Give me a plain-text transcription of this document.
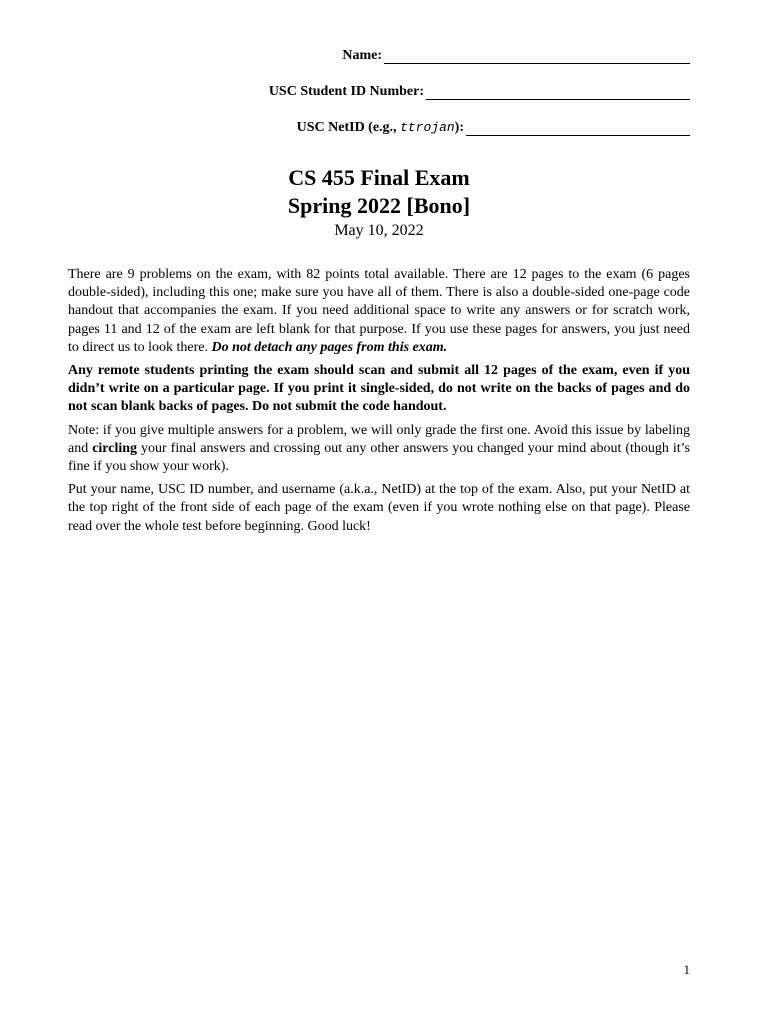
Name:
USC Student ID Number:
USC NetID (e.g., ttrojan):
CS 455 Final Exam
Spring 2022 [Bono]
May 10, 2022

There are 9 problems on the exam, with 82 points total available. There are 12 pages to the exam (6 pages double-sided), including this one; make sure you have all of them. There is also a double-sided one-page code handout that accompanies the exam. If you need additional space to write any answers or for scratch work, pages 11 and 12 of the exam are left blank for that purpose. If you use these pages for answers, you just need to direct us to look there. Do not detach any pages from this exam.

Any remote students printing the exam should scan and submit all 12 pages of the exam, even if you didn’t write on a particular page. If you print it single-sided, do not write on the backs of pages and do not scan blank backs of pages. Do not submit the code handout.

Note: if you give multiple answers for a problem, we will only grade the first one. Avoid this issue by labeling and circling your final answers and crossing out any other answers you changed your mind about (though it’s fine if you show your work).

Put your name, USC ID number, and username (a.k.a., NetID) at the top of the exam. Also, put your NetID at the top right of the front side of each page of the exam (even if you wrote nothing else on that page). Please read over the whole test before beginning. Good luck!

1
